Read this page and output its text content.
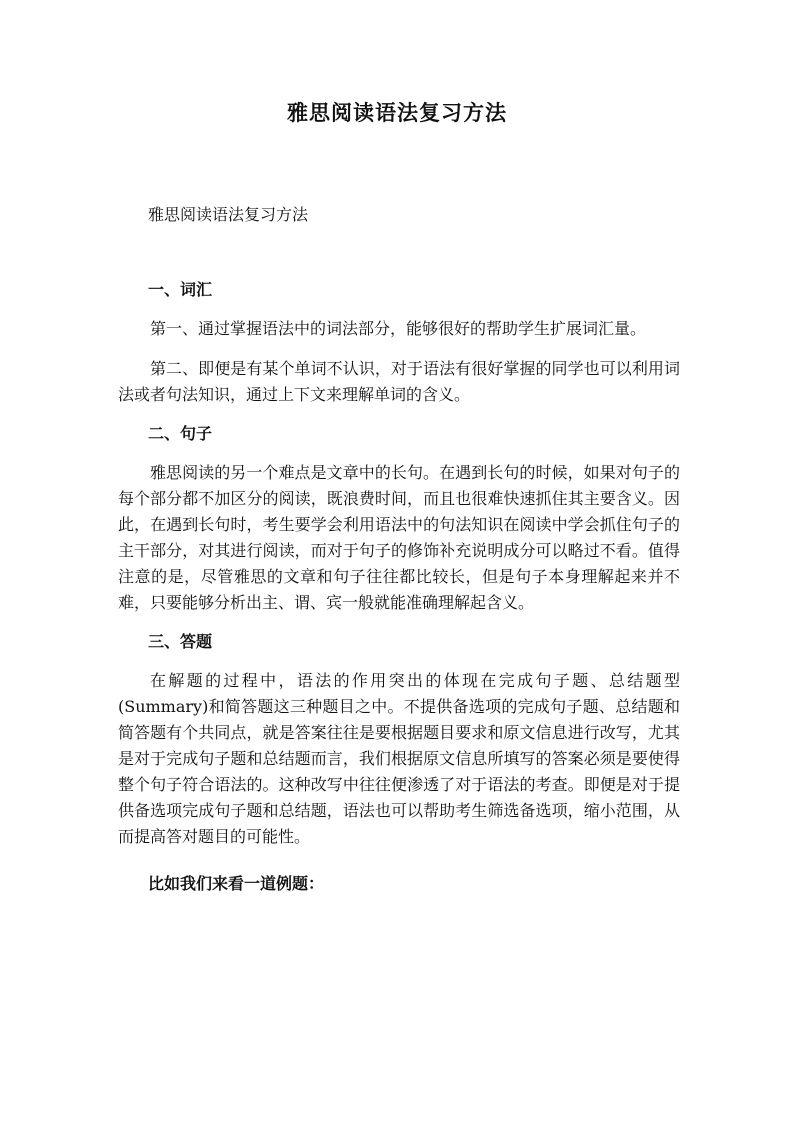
雅思阅读语法复习方法

雅思阅读语法复习方法

一、词汇

第一、通过掌握语法中的词法部分，能够很好的帮助学生扩展词汇量。

第二、即便是有某个单词不认识，对于语法有很好掌握的同学也可以利用词法或者句法知识，通过上下文来理解单词的含义。

二、句子

雅思阅读的另一个难点是文章中的长句。在遇到长句的时候，如果对句子的每个部分都不加区分的阅读，既浪费时间，而且也很难快速抓住其主要含义。因此，在遇到长句时，考生要学会利用语法中的句法知识在阅读中学会抓住句子的主干部分，对其进行阅读，而对于句子的修饰补充说明成分可以略过不看。值得注意的是，尽管雅思的文章和句子往往都比较长，但是句子本身理解起来并不难，只要能够分析出主、谓、宾一般就能准确理解起含义。

三、答题

在解题的过程中，语法的作用突出的体现在完成句子题、总结题型(Summary)和简答题这三种题目之中。不提供备选项的完成句子题、总结题和简答题有个共同点，就是答案往往是要根据题目要求和原文信息进行改写，尤其是对于完成句子题和总结题而言，我们根据原文信息所填写的答案必须是要使得整个句子符合语法的。这种改写中往往便渗透了对于语法的考查。即便是对于提供备选项完成句子题和总结题，语法也可以帮助考生筛选备选项，缩小范围，从而提高答对题目的可能性。

比如我们来看一道例题：
